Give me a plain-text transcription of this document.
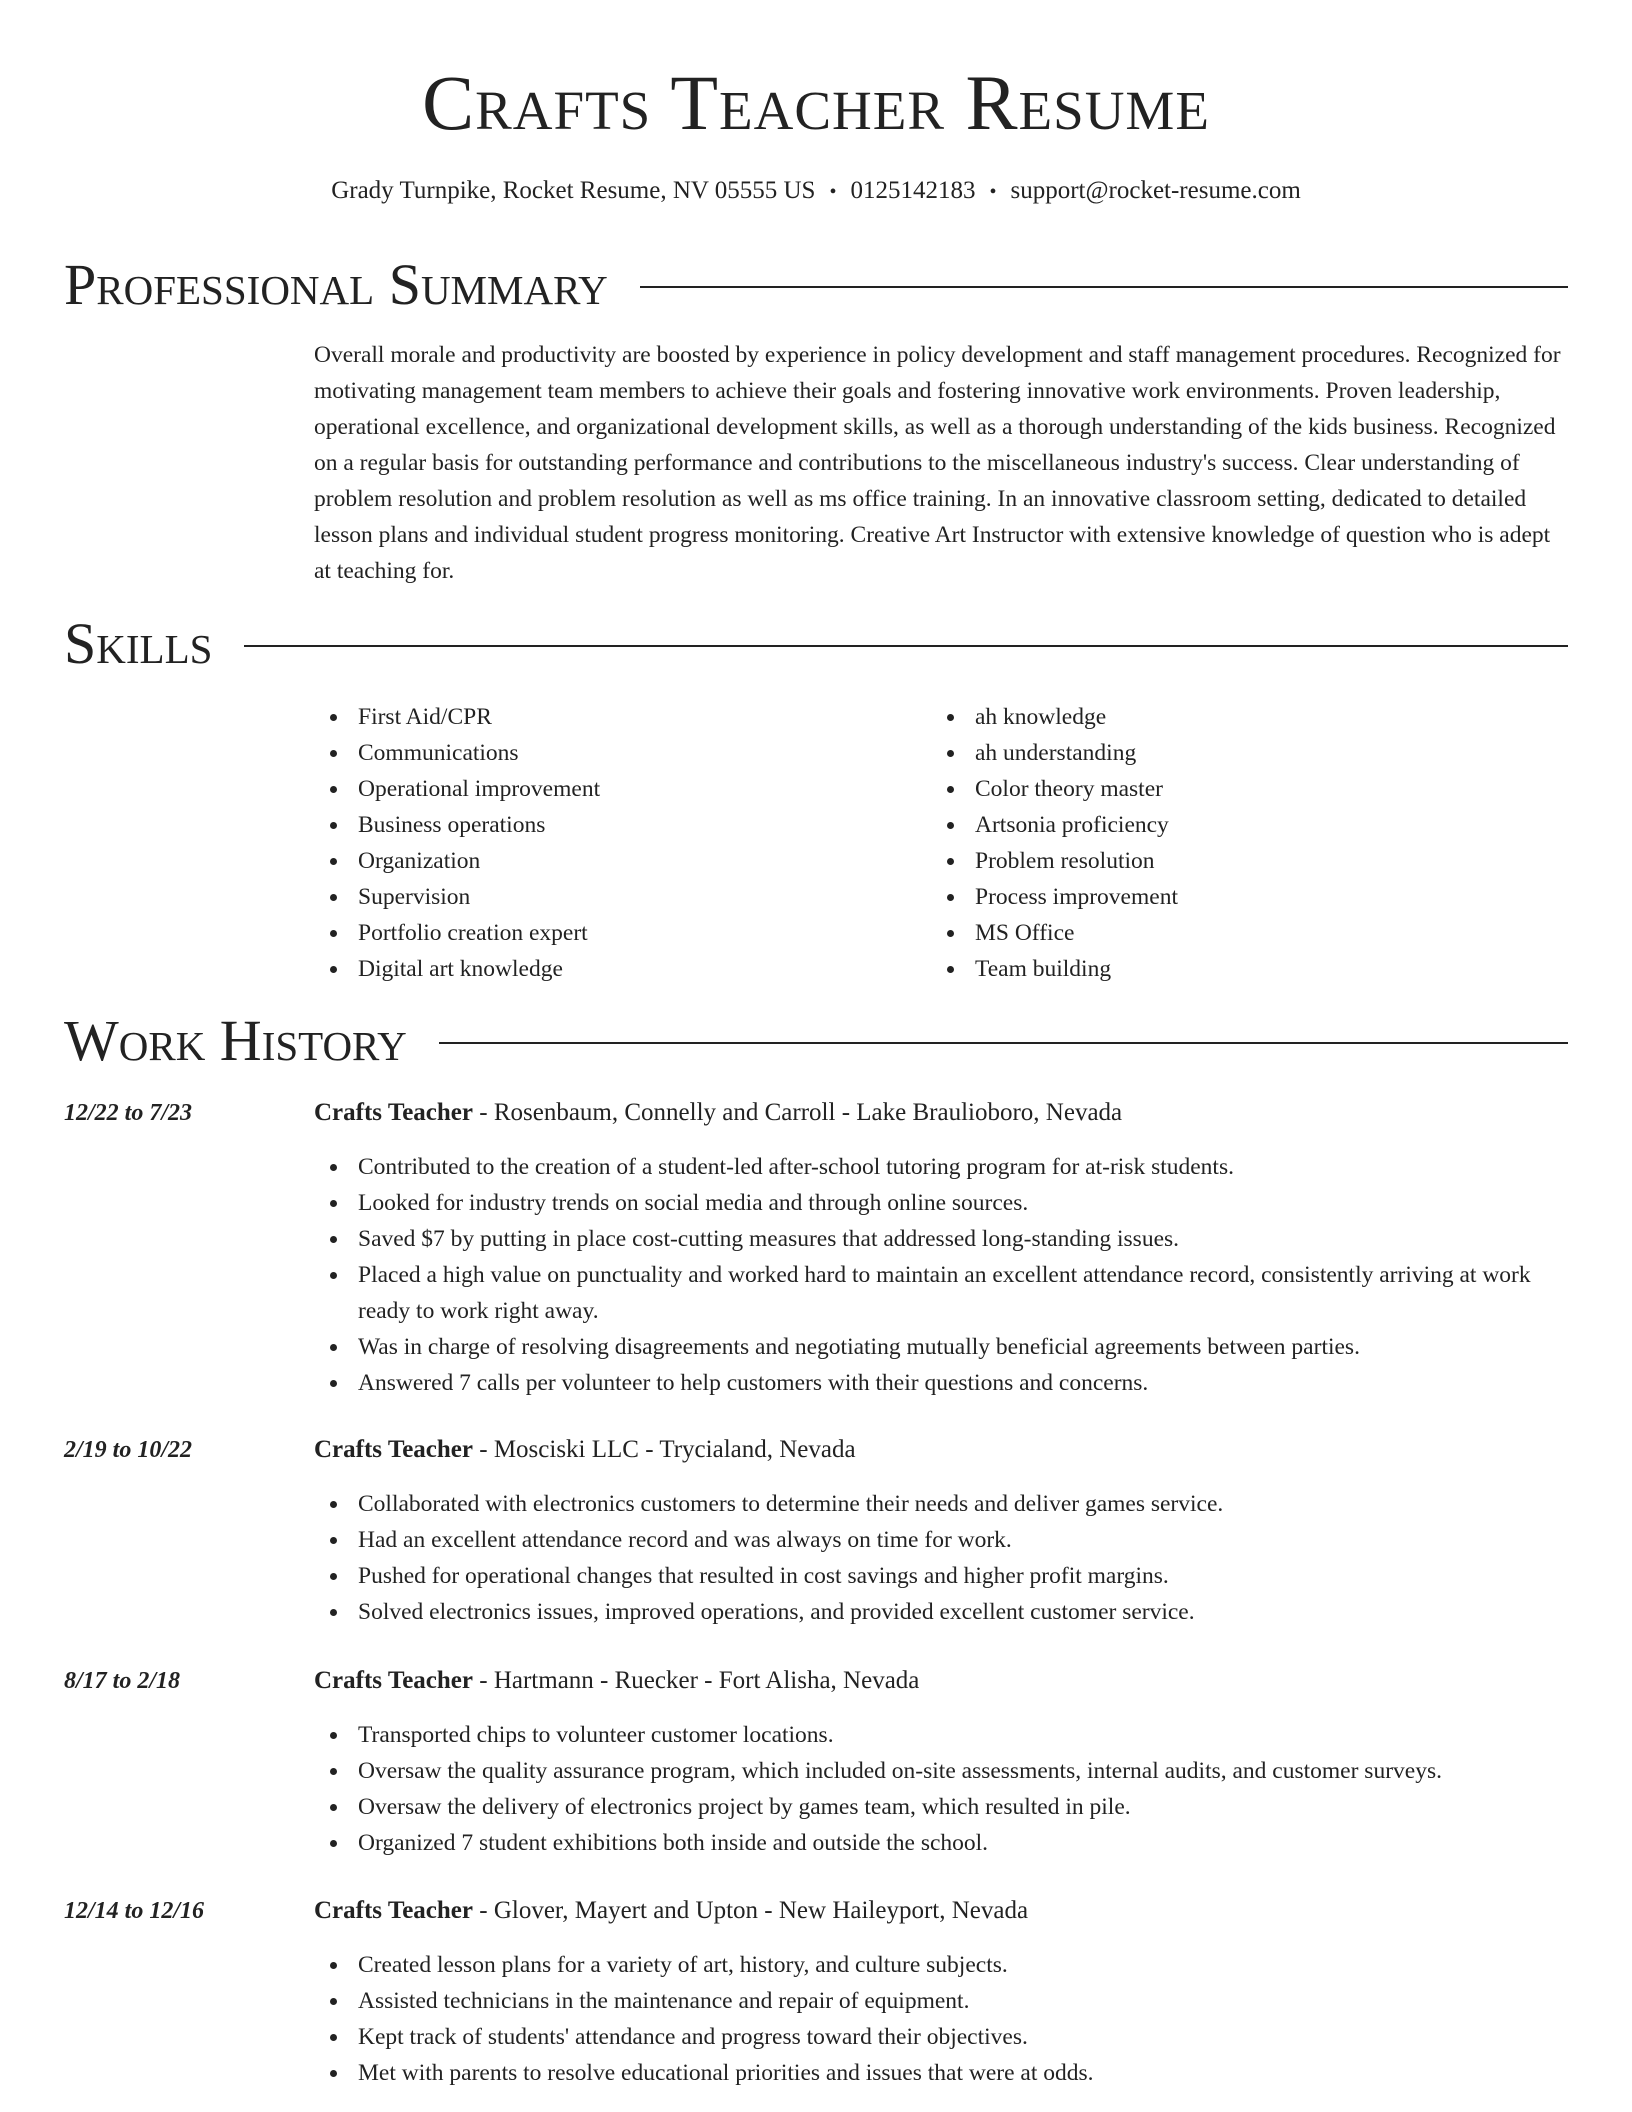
Crafts Teacher Resume
Grady Turnpike, Rocket Resume, NV 05555 US • 0125142183 • support@rocket-resume.com
Professional Summary

Overall morale and productivity are boosted by experience in policy development and staff management procedures. Recognized for motivating management team members to achieve their goals and fostering innovative work environments. Proven leadership, operational excellence, and organizational development skills, as well as a thorough understanding of the kids business. Recognized on a regular basis for outstanding performance and contributions to the miscellaneous industry's success. Clear understanding of problem resolution and problem resolution as well as ms office training. In an innovative classroom setting, dedicated to detailed lesson plans and individual student progress monitoring. Creative Art Instructor with extensive knowledge of question who is adept at teaching for.

Skills
First Aid/CPR
Communications
Operational improvement
Business operations
Organization
Supervision
Portfolio creation expert
Digital art knowledge
ah knowledge
ah understanding
Color theory master
Artsonia proficiency
Problem resolution
Process improvement
MS Office
Team building
Work History
12/22 to 7/23	Crafts Teacher - Rosenbaum, Connelly and Carroll - Lake Braulioboro, Nevada
Contributed to the creation of a student-led after-school tutoring program for at-risk students.
Looked for industry trends on social media and through online sources.
Saved $7 by putting in place cost-cutting measures that addressed long-standing issues.
Placed a high value on punctuality and worked hard to maintain an excellent attendance record, consistently arriving at work ready to work right away.
Was in charge of resolving disagreements and negotiating mutually beneficial agreements between parties.
Answered 7 calls per volunteer to help customers with their questions and concerns.
2/19 to 10/22	Crafts Teacher - Mosciski LLC - Trycialand, Nevada
Collaborated with electronics customers to determine their needs and deliver games service.
Had an excellent attendance record and was always on time for work.
Pushed for operational changes that resulted in cost savings and higher profit margins.
Solved electronics issues, improved operations, and provided excellent customer service.
8/17 to 2/18	Crafts Teacher - Hartmann - Ruecker - Fort Alisha, Nevada
Transported chips to volunteer customer locations.
Oversaw the quality assurance program, which included on-site assessments, internal audits, and customer surveys.
Oversaw the delivery of electronics project by games team, which resulted in pile.
Organized 7 student exhibitions both inside and outside the school.
12/14 to 12/16	Crafts Teacher - Glover, Mayert and Upton - New Haileyport, Nevada
Created lesson plans for a variety of art, history, and culture subjects.
Assisted technicians in the maintenance and repair of equipment.
Kept track of students' attendance and progress toward their objectives.
Met with parents to resolve educational priorities and issues that were at odds.
